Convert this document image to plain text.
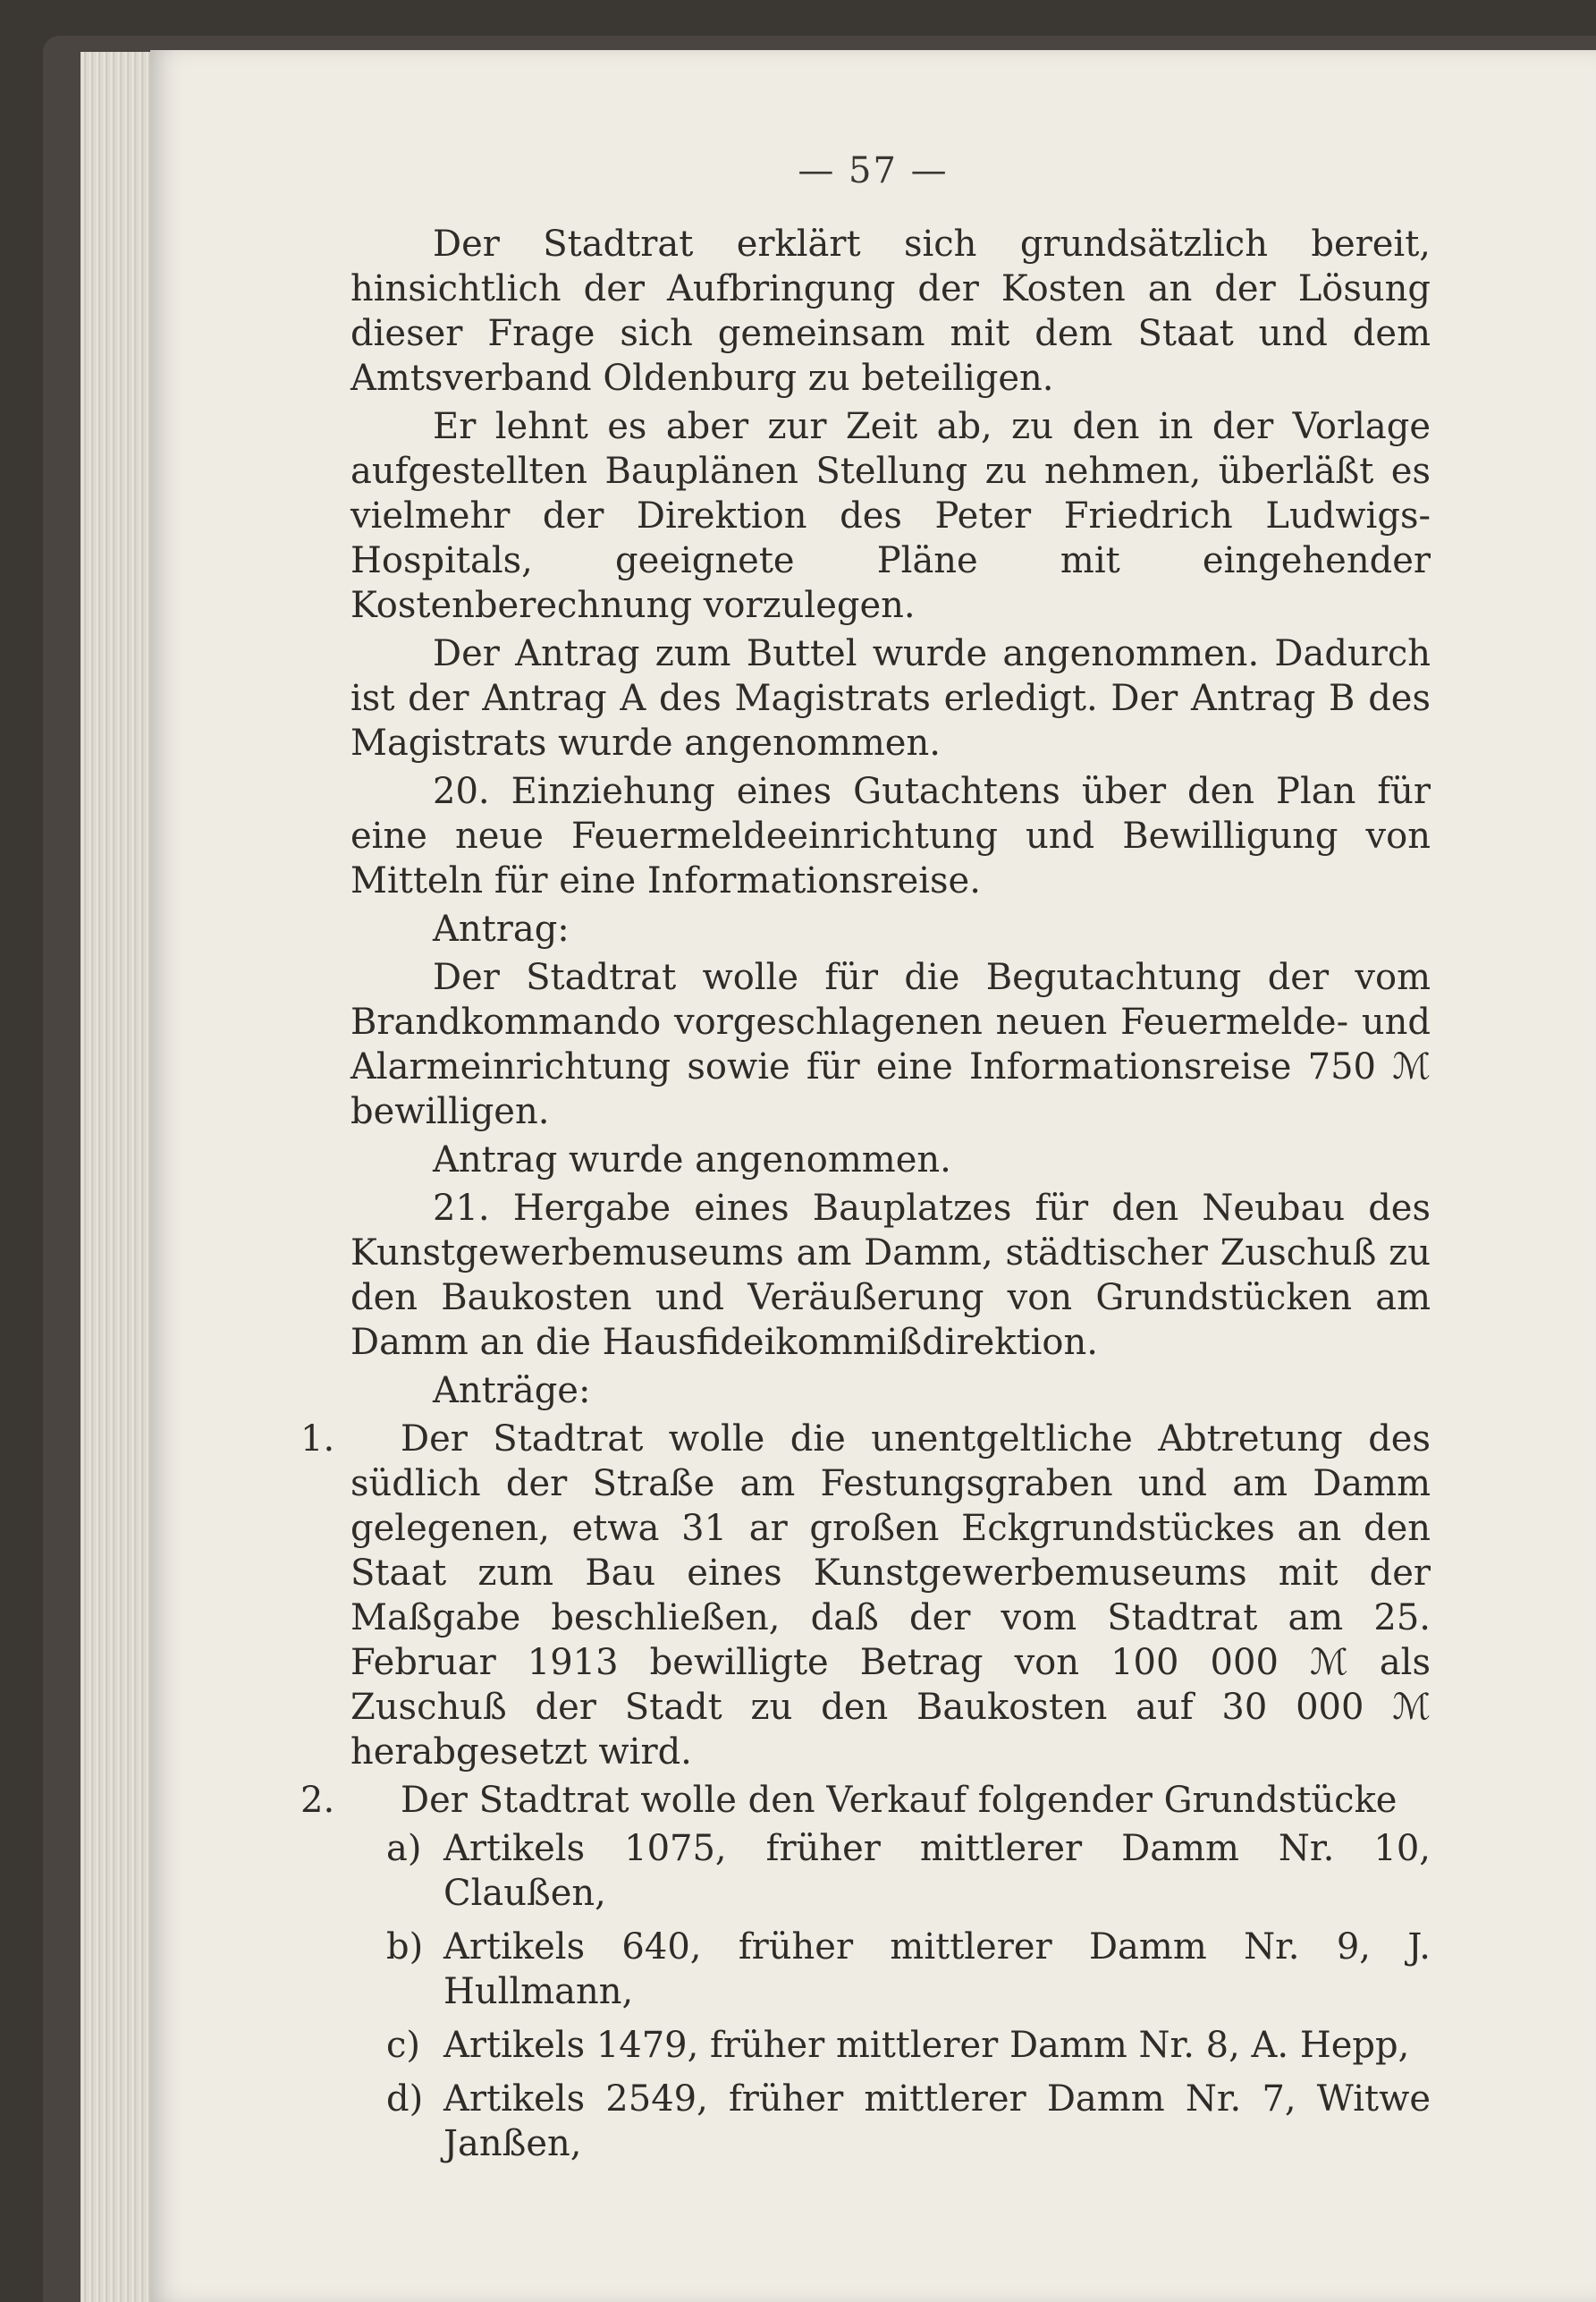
— 57 —

Der Stadtrat erklärt sich grundsätzlich bereit, hinsichtlich der Aufbringung der Kosten an der Lösung dieser Frage sich gemeinsam mit dem Staat und dem Amtsverband Oldenburg zu beteiligen.

Er lehnt es aber zur Zeit ab, zu den in der Vorlage aufgestellten Bauplänen Stellung zu nehmen, überläßt es vielmehr der Direktion des Peter Friedrich Ludwigs-Hospitals, geeignete Pläne mit eingehender Kostenberechnung vorzulegen.

Der Antrag zum Buttel wurde angenommen. Dadurch ist der Antrag A des Magistrats erledigt. Der Antrag B des Magistrats wurde angenommen.

20. Einziehung eines Gutachtens über den Plan für eine neue Feuermeldeeinrichtung und Bewilligung von Mitteln für eine Informationsreise.

Antrag:

Der Stadtrat wolle für die Begutachtung der vom Brandkommando vorgeschlagenen neuen Feuermelde- und Alarmeinrichtung sowie für eine Informationsreise 750 ℳ bewilligen.

Antrag wurde angenommen.

21. Hergabe eines Bauplatzes für den Neubau des Kunstgewerbemuseums am Damm, städtischer Zuschuß zu den Baukosten und Veräußerung von Grundstücken am Damm an die Hausfideikommißdirektion.

Anträge:

1. Der Stadtrat wolle die unentgeltliche Abtretung des südlich der Straße am Festungsgraben und am Damm gelegenen, etwa 31 ar großen Eckgrundstückes an den Staat zum Bau eines Kunstgewerbemuseums mit der Maßgabe beschließen, daß der vom Stadtrat am 25. Februar 1913 bewilligte Betrag von 100 000 ℳ als Zuschuß der Stadt zu den Baukosten auf 30 000 ℳ herabgesetzt wird.
2. Der Stadtrat wolle den Verkauf folgender Grundstücke
a) Artikels 1075, früher mittlerer Damm Nr. 10, Claußen,
b) Artikels 640, früher mittlerer Damm Nr. 9, J. Hullmann,
c) Artikels 1479, früher mittlerer Damm Nr. 8, A. Hepp,
d) Artikels 2549, früher mittlerer Damm Nr. 7, Witwe Janßen,
